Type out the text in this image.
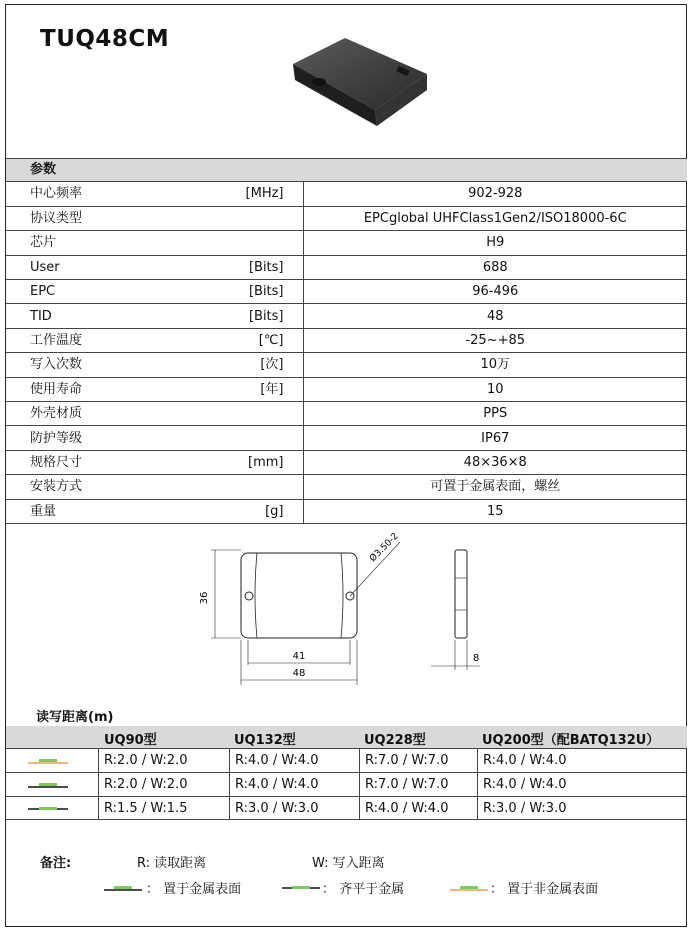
TUQ48CM
参数
中心频率	[MHz]	902-928
协议类型		EPCglobal UHFClass1Gen2/ISO18000-6C
芯片		H9
User	[Bits]	688
EPC	[Bits]	96-496
TID	[Bits]	48
工作温度	[℃]	-25~+85
写入次数	[次]	10万
使用寿命	[年]	10
外壳材质		PPS
防护等级		IP67
规格尺寸	[mm]	48×36×8
安装方式		可置于金属表面，螺丝
重量	[g]	15
36
41
48
Ø3.50-2
8
读写距离(m)
UQ90型	UQ132型	UQ228型	UQ200型（配BATQ132U）
R:2.0 / W:2.0	R:4.0 / W:4.0	R:7.0 / W:7.0	R:4.0 / W:4.0
R:2.0 / W:2.0	R:4.0 / W:4.0	R:7.0 / W:7.0	R:4.0 / W:4.0
R:1.5 / W:1.5	R:3.0 / W:3.0	R:4.0 / W:4.0	R:3.0 / W:3.0
备注:	R: 读取距离	W: 写入距离
： 置于金属表面	： 齐平于金属	： 置于非金属表面
